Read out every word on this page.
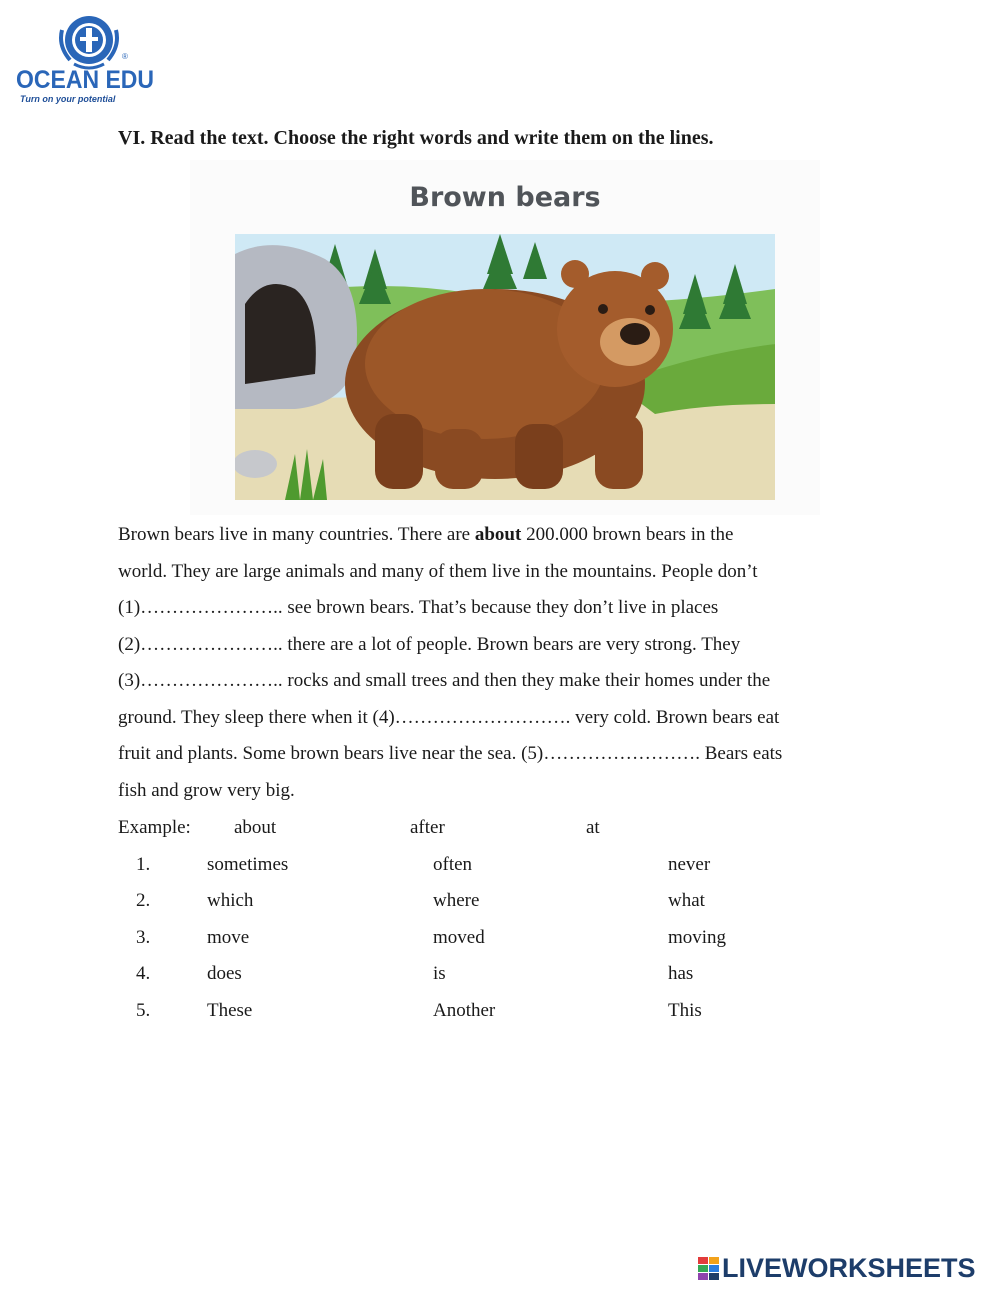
OCEAN EDU
®
Turn on your potential
VI. Read the text. Choose the right words and write them on the lines.
Brown bears
Brown bears live in many countries. There are about 200.000 brown bears in the
world. They are large animals and many of them live in the mountains. People don’t
(1)………………….. see brown bears. That’s because they don’t live in places
(2)………………….. there are a lot of people. Brown bears are very strong. They
(3)………………….. rocks and small trees and then they make their homes under the
ground. They sleep there when it (4)………………………. very cold. Brown bears eat
fruit and plants. Some brown bears live near the sea. (5)……………………. Bears eats
fish and grow very big.
Example: about	after	at
1.	sometimes	often	never
2.	which	where	what
3.	move	moved	moving
4.	does	is	has
5.	These	Another	This
LIVEWORKSHEETS
